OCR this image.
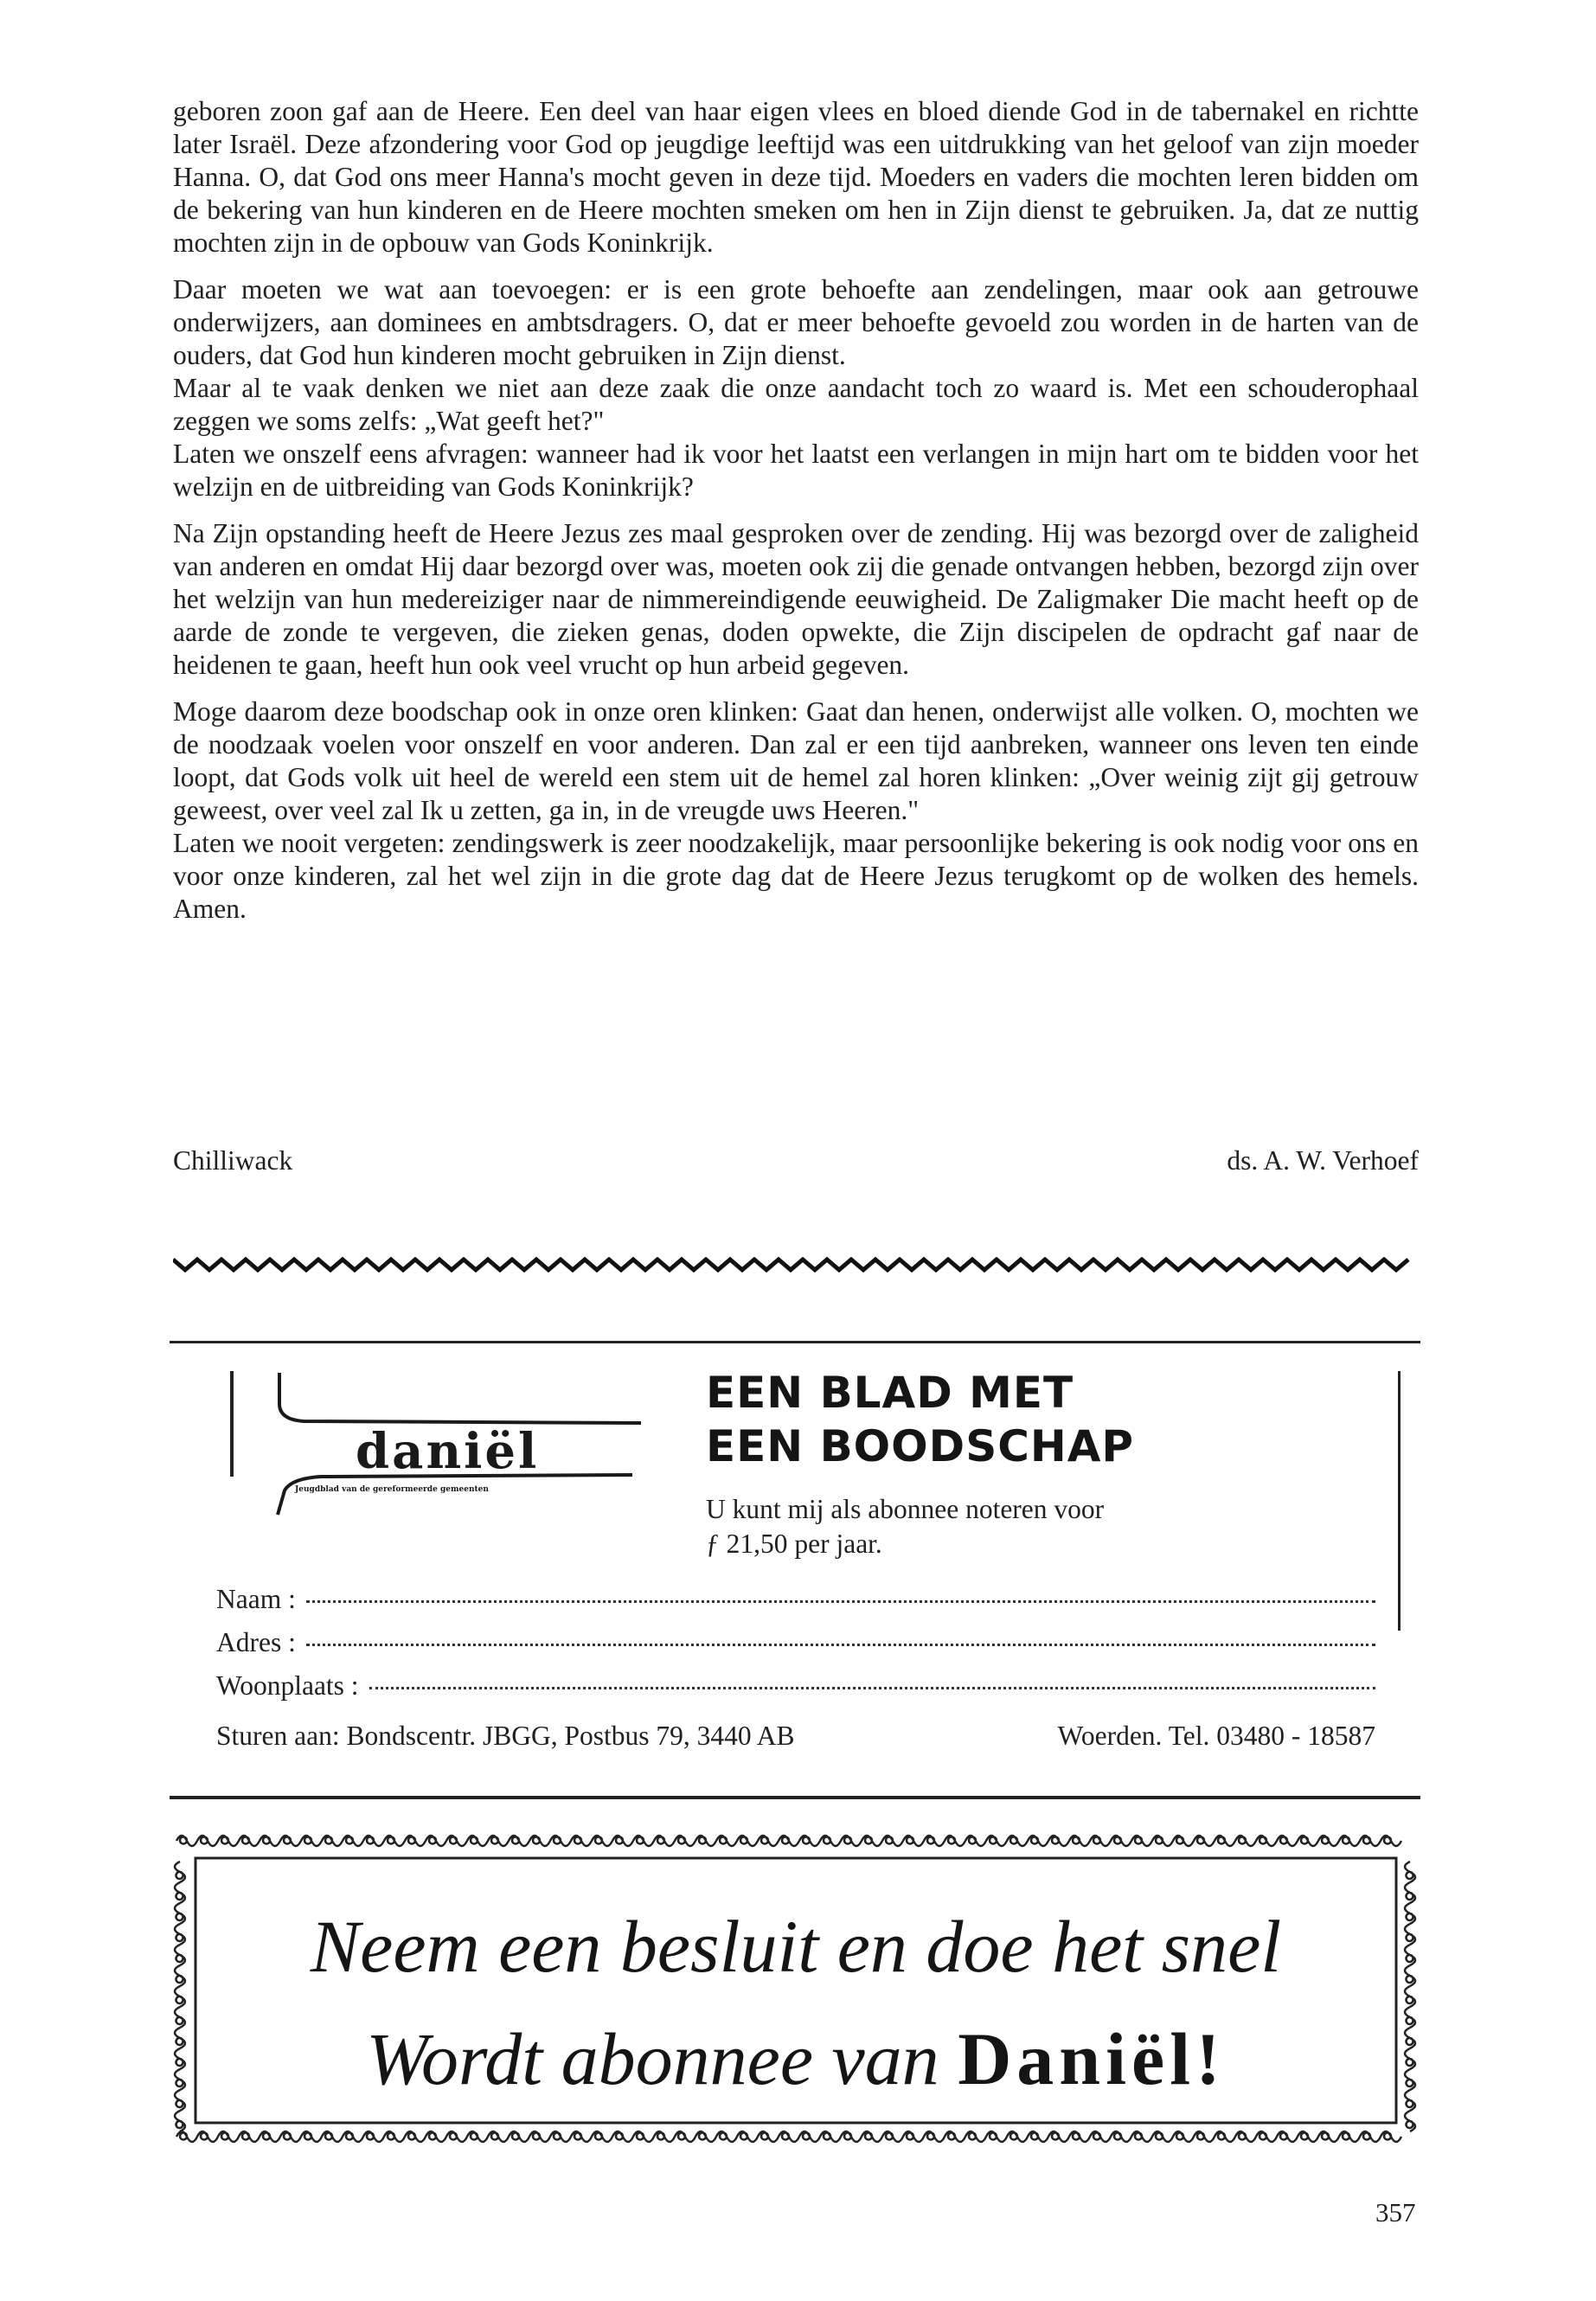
geboren zoon gaf aan de Heere. Een deel van haar eigen vlees en bloed diende God in de tabernakel en richtte later Israël. Deze afzondering voor God op jeugdige leeftijd was een uitdrukking van het geloof van zijn moeder Hanna. O, dat God ons meer Hanna's mocht geven in deze tijd. Moeders en vaders die mochten leren bidden om de bekering van hun kinderen en de Heere mochten smeken om hen in Zijn dienst te gebruiken. Ja, dat ze nuttig mochten zijn in de opbouw van Gods Koninkrijk.

Daar moeten we wat aan toevoegen: er is een grote behoefte aan zendelingen, maar ook aan getrouwe onderwijzers, aan dominees en ambtsdragers. O, dat er meer behoefte gevoeld zou worden in de harten van de ouders, dat God hun kinderen mocht gebruiken in Zijn dienst.

Maar al te vaak denken we niet aan deze zaak die onze aandacht toch zo waard is. Met een schouderophaal zeggen we soms zelfs: „Wat geeft het?"

Laten we onszelf eens afvragen: wanneer had ik voor het laatst een verlangen in mijn hart om te bidden voor het welzijn en de uitbreiding van Gods Koninkrijk?

Na Zijn opstanding heeft de Heere Jezus zes maal gesproken over de zending. Hij was bezorgd over de zaligheid van anderen en omdat Hij daar bezorgd over was, moeten ook zij die genade ontvangen hebben, bezorgd zijn over het welzijn van hun medereiziger naar de nimmereindigende eeuwigheid. De Zaligmaker Die macht heeft op de aarde de zonde te vergeven, die zieken genas, doden opwekte, die Zijn discipelen de opdracht gaf naar de heidenen te gaan, heeft hun ook veel vrucht op hun arbeid gegeven.

Moge daarom deze boodschap ook in onze oren klinken: Gaat dan henen, onderwijst alle volken. O, mochten we de noodzaak voelen voor onszelf en voor anderen. Dan zal er een tijd aanbreken, wanneer ons leven ten einde loopt, dat Gods volk uit heel de wereld een stem uit de hemel zal horen klinken: „Over weinig zijt gij getrouw geweest, over veel zal Ik u zetten, ga in, in de vreugde uws Heeren."

Laten we nooit vergeten: zendingswerk is zeer noodzakelijk, maar persoonlijke bekering is ook nodig voor ons en voor onze kinderen, zal het wel zijn in die grote dag dat de Heere Jezus terugkomt op de wolken des hemels. Amen.

Chilliwack	ds. A. W. Verhoef
daniël
Jeugdblad van de gereformeerde gemeenten
EEN BLAD MET
EEN BOODSCHAP
U kunt mij als abonnee noteren voor
ƒ 21,50 per jaar.
Naam :
Adres :
Woonplaats :
Sturen aan: Bondscentr. JBGG, Postbus 79, 3440 AB	Woerden. Tel. 03480 - 18587
Neem een besluit en doe het snel
Wordt abonnee van Daniël!
357
